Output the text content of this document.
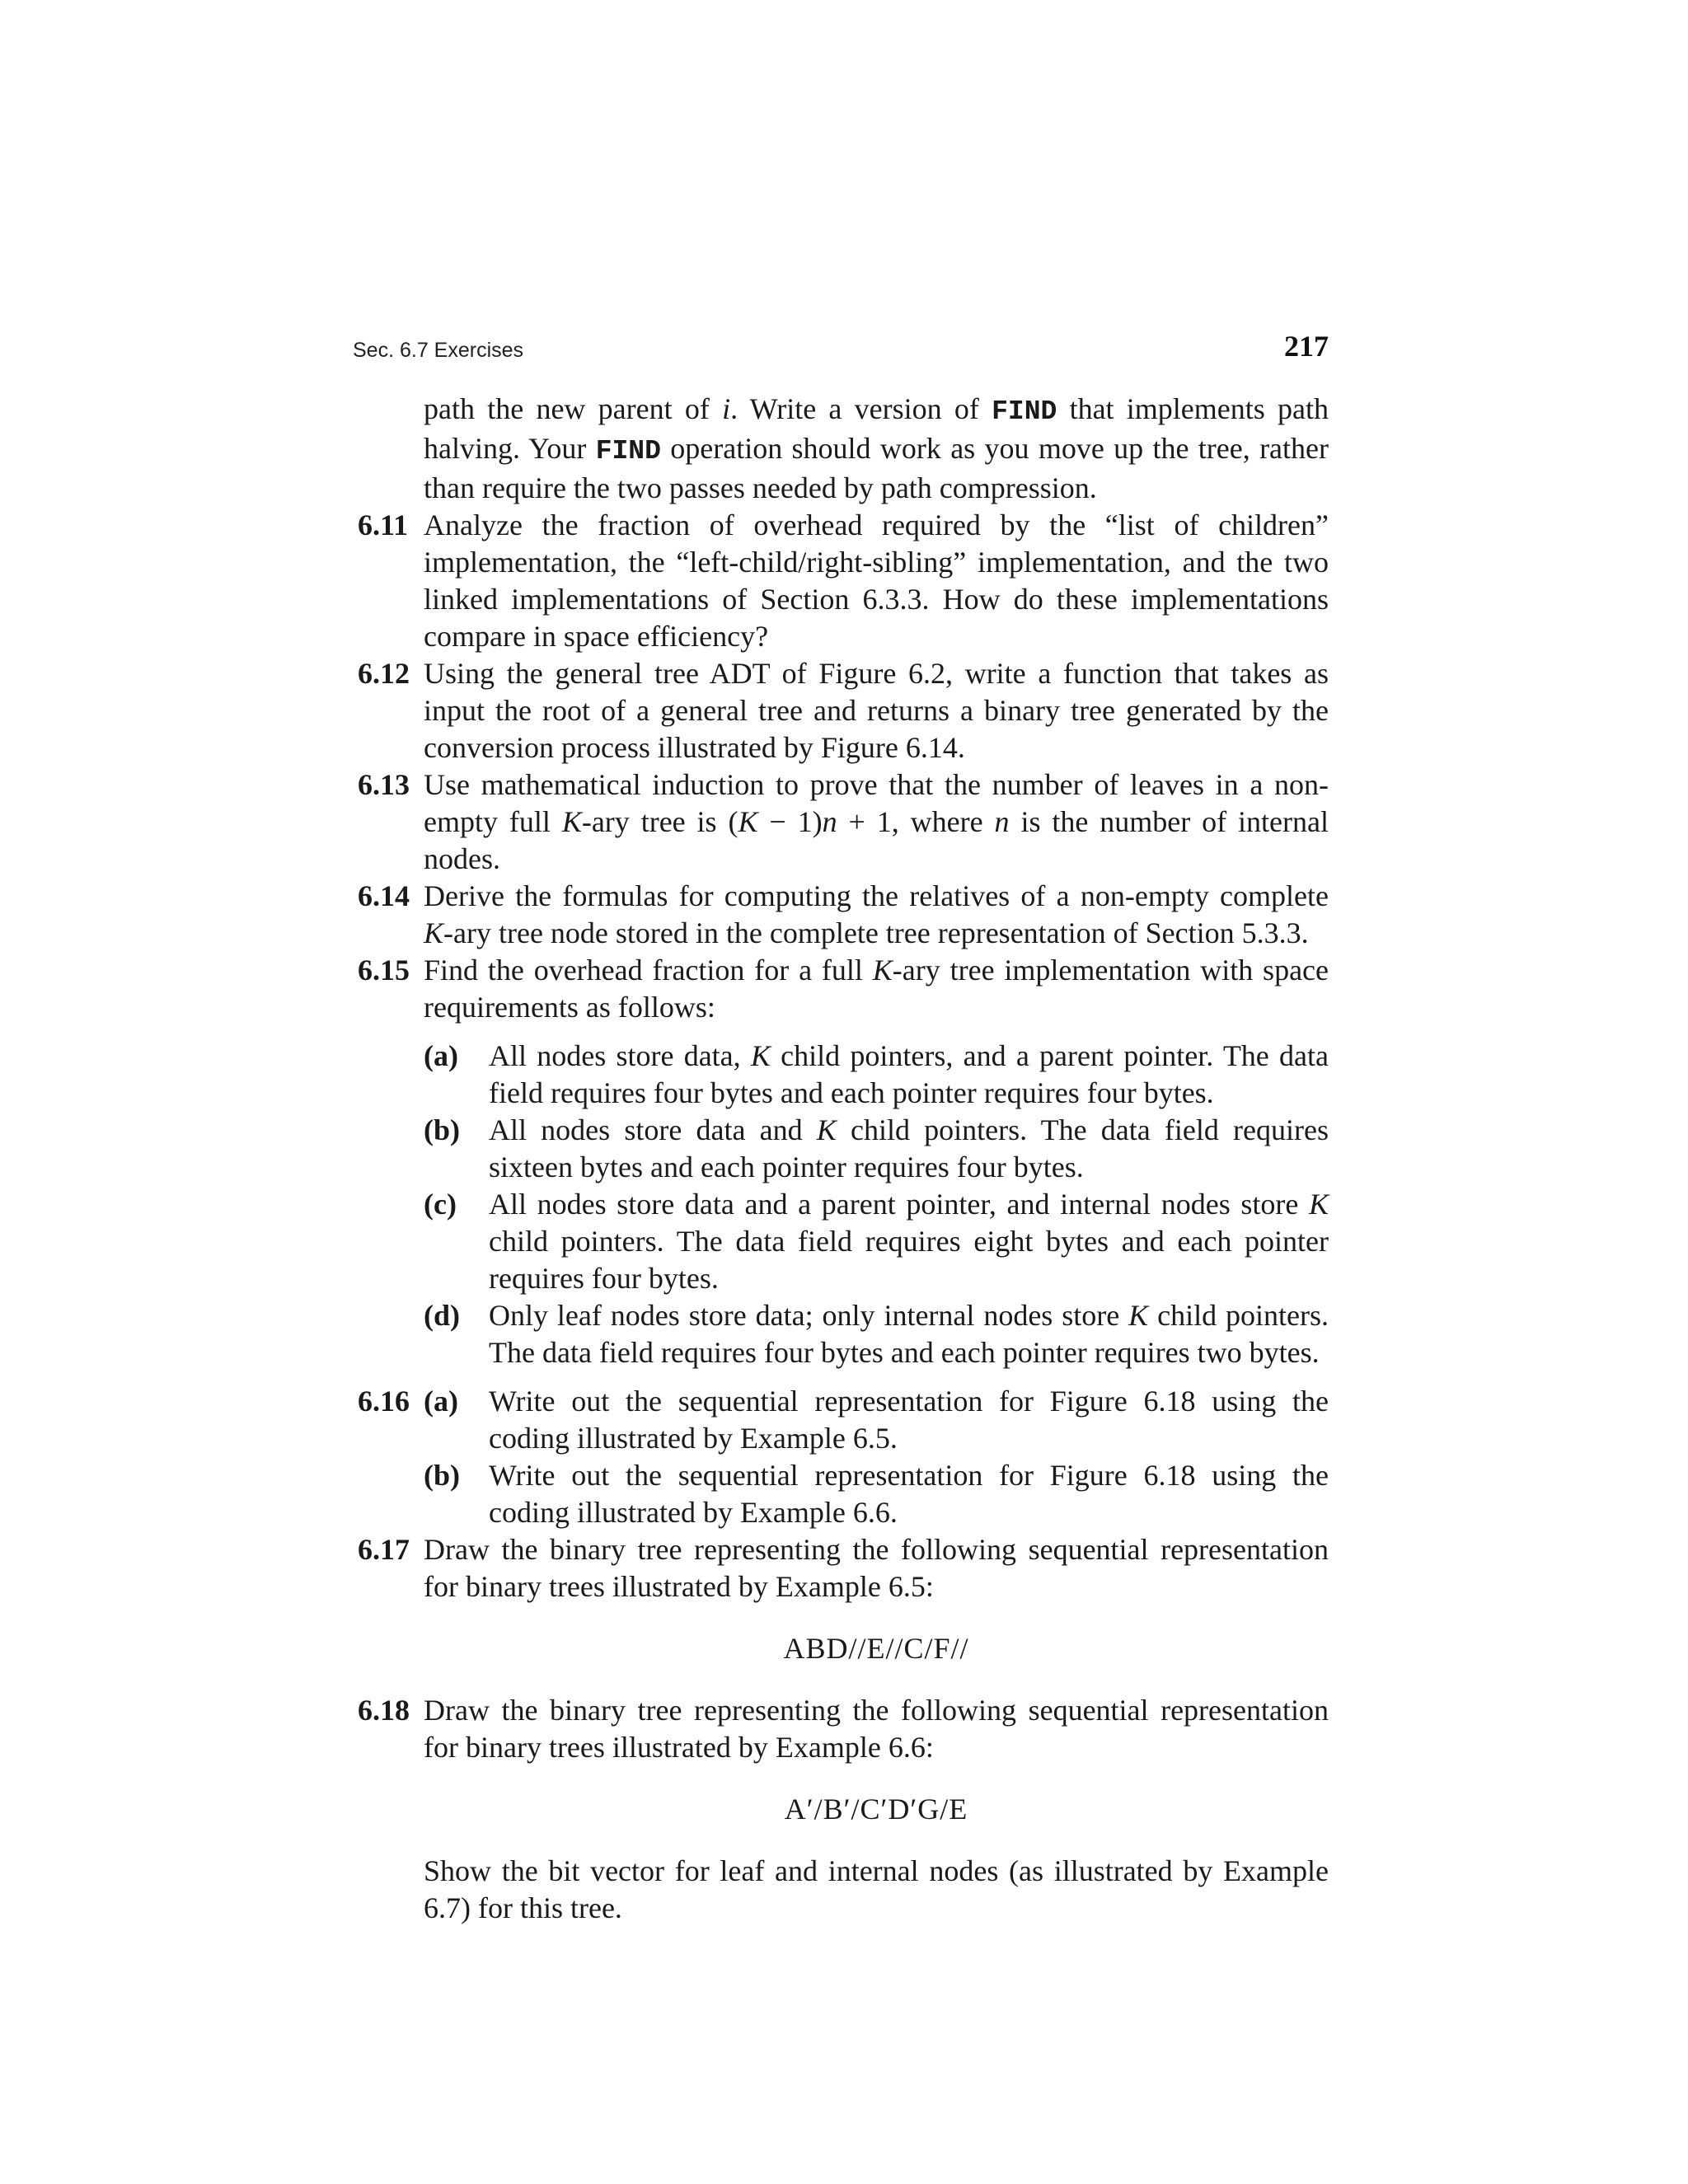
Sec. 6.7 Exercises	217
path the new parent of i. Write a version of FIND that implements path halving. Your FIND operation should work as you move up the tree, rather than require the two passes needed by path compression.
6.11 Analyze the fraction of overhead required by the “list of children” implementation, the “left-child/right-sibling” implementation, and the two linked implementations of Section 6.3.3. How do these implementations compare in space efficiency?
6.12 Using the general tree ADT of Figure 6.2, write a function that takes as input the root of a general tree and returns a binary tree generated by the conversion process illustrated by Figure 6.14.
6.13 Use mathematical induction to prove that the number of leaves in a non-empty full K-ary tree is (K − 1)n + 1, where n is the number of internal nodes.
6.14 Derive the formulas for computing the relatives of a non-empty complete K-ary tree node stored in the complete tree representation of Section 5.3.3.
6.15 Find the overhead fraction for a full K-ary tree implementation with space requirements as follows:
(a)	All nodes store data, K child pointers, and a parent pointer. The data field requires four bytes and each pointer requires four bytes.
(b) All nodes store data and K child pointers. The data field requires sixteen bytes and each pointer requires four bytes.
(c)	All nodes store data and a parent pointer, and internal nodes store K child pointers. The data field requires eight bytes and each pointer requires four bytes.
(d) Only leaf nodes store data; only internal nodes store K child pointers. The data field requires four bytes and each pointer requires two bytes.
6.16 (a)	Write out the sequential representation for Figure 6.18 using the coding illustrated by Example 6.5.
(b) Write out the sequential representation for Figure 6.18 using the coding illustrated by Example 6.6.
6.17 Draw the binary tree representing the following sequential representation for binary trees illustrated by Example 6.5:
ABD//E//C/F//
6.18 Draw the binary tree representing the following sequential representation for binary trees illustrated by Example 6.6:
A′/B′/C′D′G/E
Show the bit vector for leaf and internal nodes (as illustrated by Example 6.7) for this tree.
